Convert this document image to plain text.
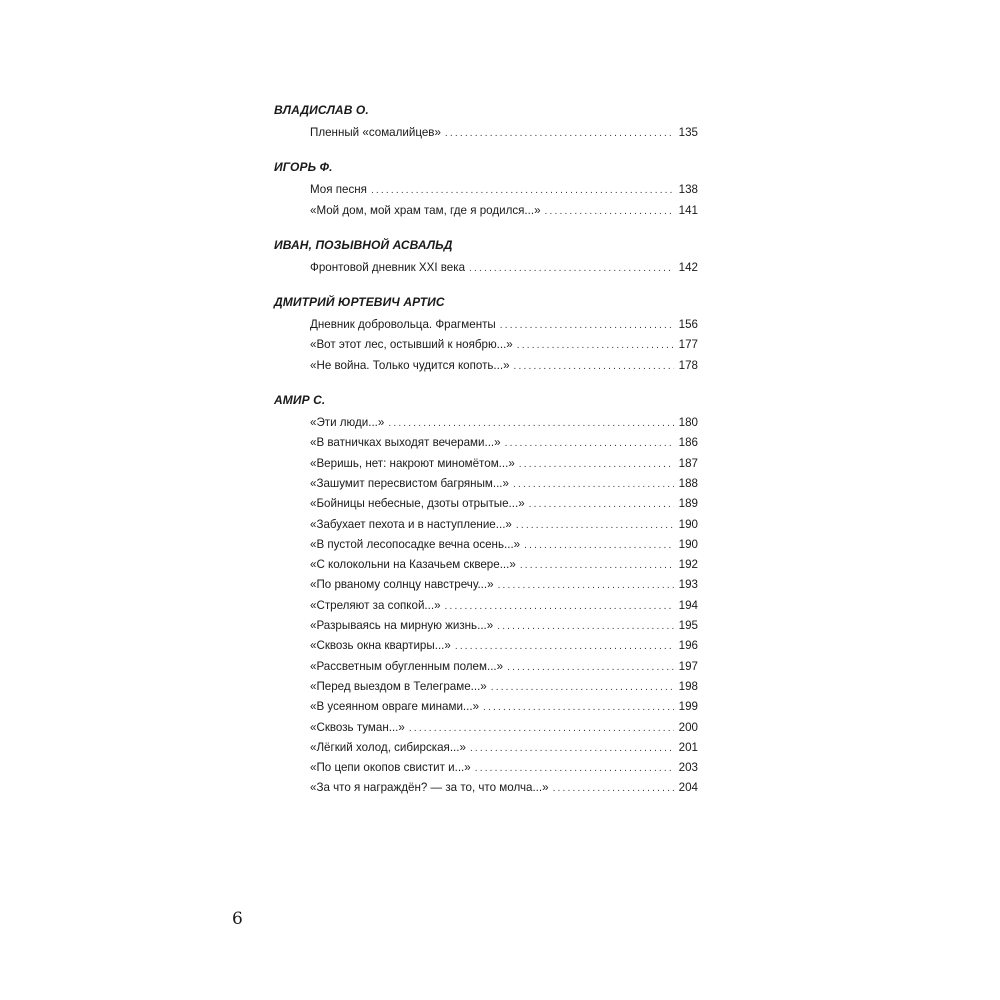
ВЛАДИСЛАВ О.
Пленный «сомалийцев» .....	135
ИГОРЬ Ф.
Моя песня .....	138
«Мой дом, мой храм там, где я родился...» .....	141
ИВАН, ПОЗЫВНОЙ АСВАЛЬД
Фронтовой дневник XXI века .....	142
ДМИТРИЙ ЮРТЕВИЧ АРТИС
Дневник добровольца. Фрагменты .....	156
«Вот этот лес, остывший к ноябрю...» .....	177
«Не война. Только чудится копоть...» .....	178
АМИР С.
«Эти люди...» .....	180
«В ватничках выходят вечерами...» .....	186
«Веришь, нет: накроют миномётом...» .....	187
«Зашумит пересвистом багряным...» .....	188
«Бойницы небесные, дзоты отрытые...» .....	189
«Забухает пехота и в наступление...» .....	190
«В пустой лесопосадке вечна осень...» .....	190
«С колокольни на Казачьем сквере...» .....	192
«По рваному солнцу навстречу...» .....	193
«Стреляют за сопкой...» .....	194
«Разрываясь на мирную жизнь...» .....	195
«Сквозь окна квартиры...» .....	196
«Рассветным обугленным полем...» .....	197
«Перед выездом в Телеграме...» .....	198
«В усеянном овраге минами...» .....	199
«Сквозь туман...» .....	200
«Лёгкий холод, сибирская...» .....	201
«По цепи окопов свистит и...» .....	203
«За что я награждён? — за то, что молча...» .....	204
6
